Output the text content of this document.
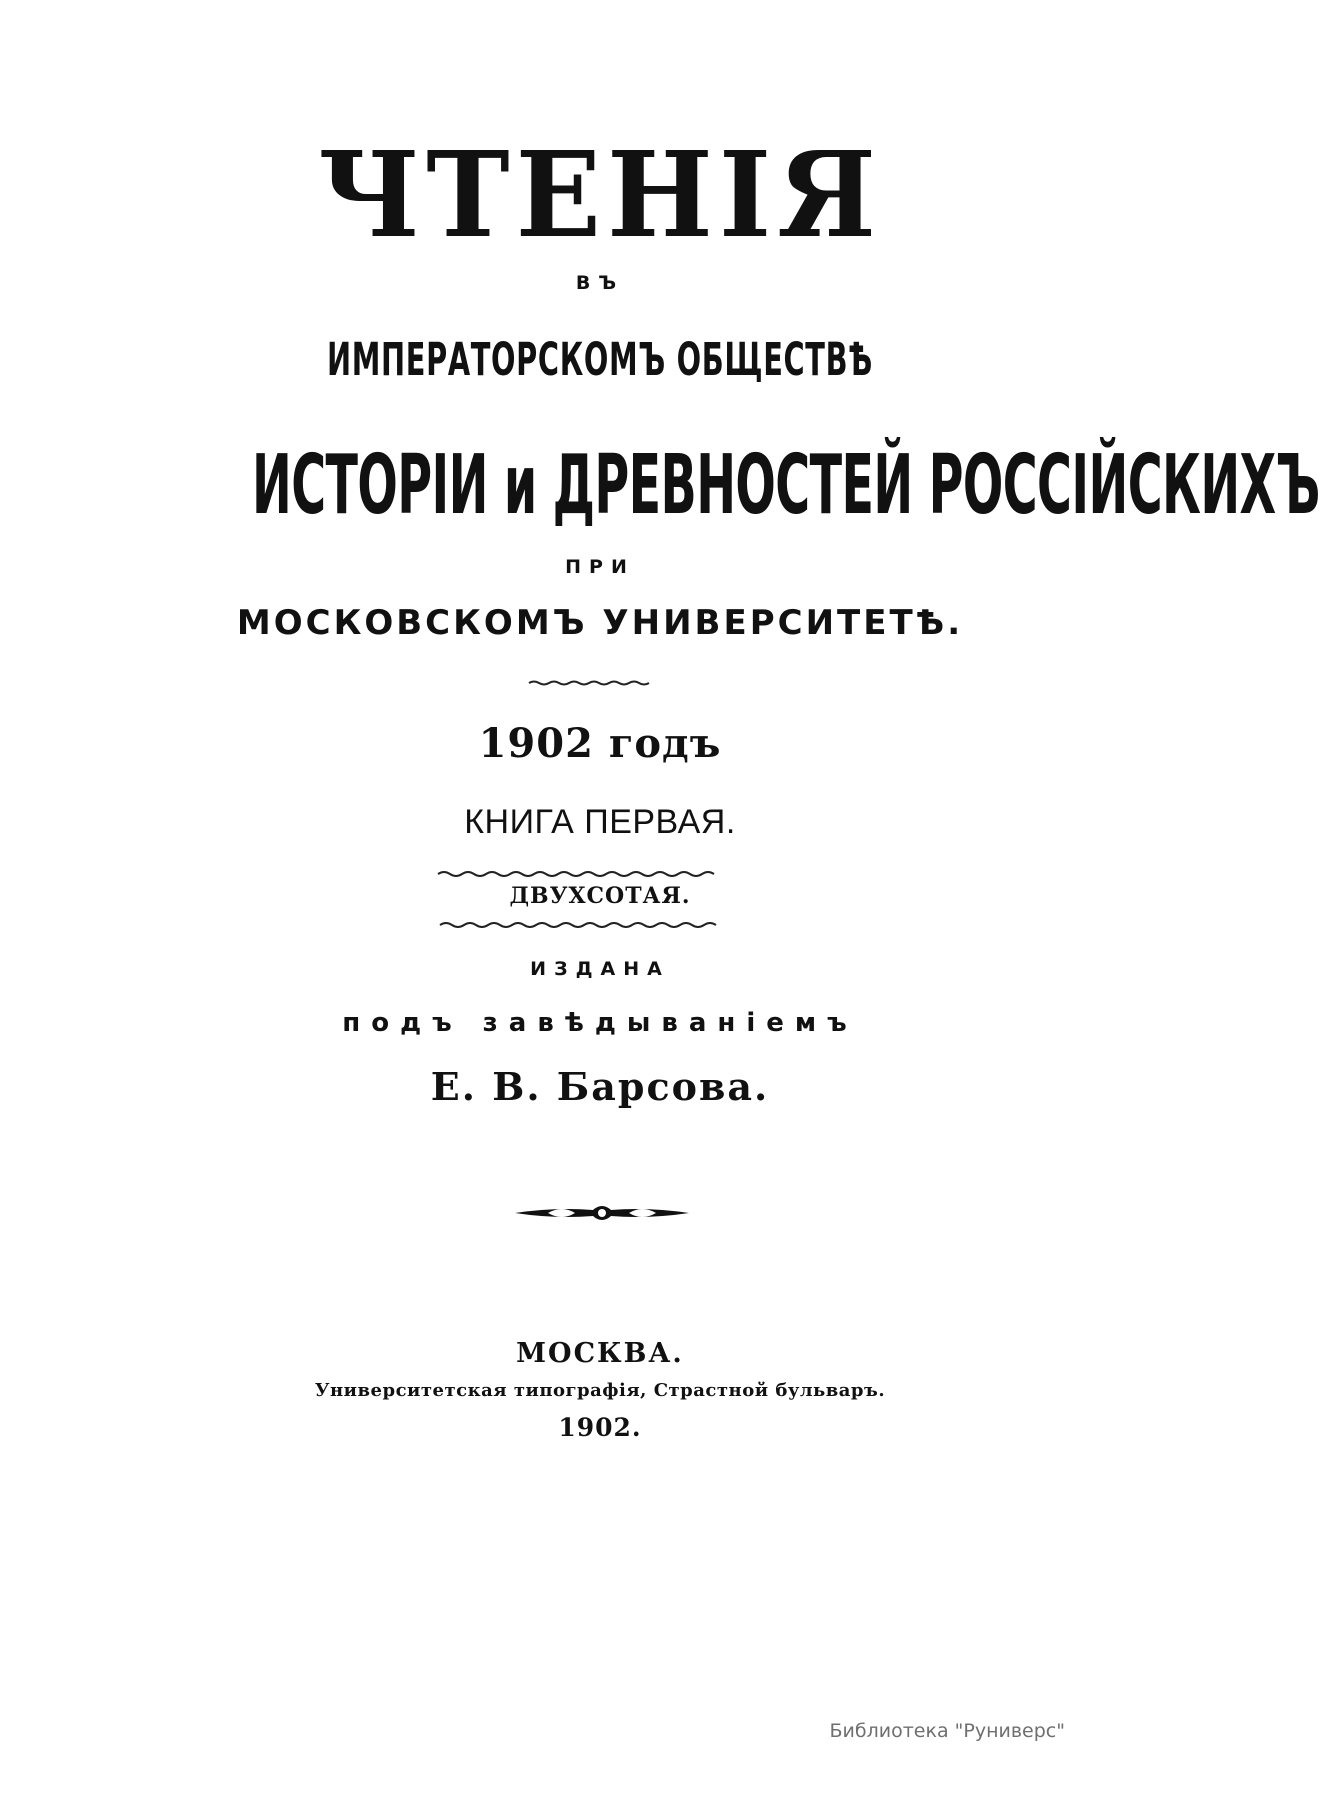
ЧТЕНІЯ

ВЪ

ИМПЕРАТОРСКОМЪ ОБЩЕСТВѢ

ИСТОРІИ и ДРЕВНОСТЕЙ РОССІЙСКИХЪ

ПРИ

МОСКОВСКОМЪ УНИВЕРСИТЕТѢ.

1902 годъ

КНИГА ПЕРВАЯ.

ДВУХСОТАЯ.

ИЗДАНА

подъ завѣдыванiемъ

Е. В. Барсова.

МОСКВА.

Университетская типографія, Страстной бульваръ.

1902.

Библиотека "Руниверс"
